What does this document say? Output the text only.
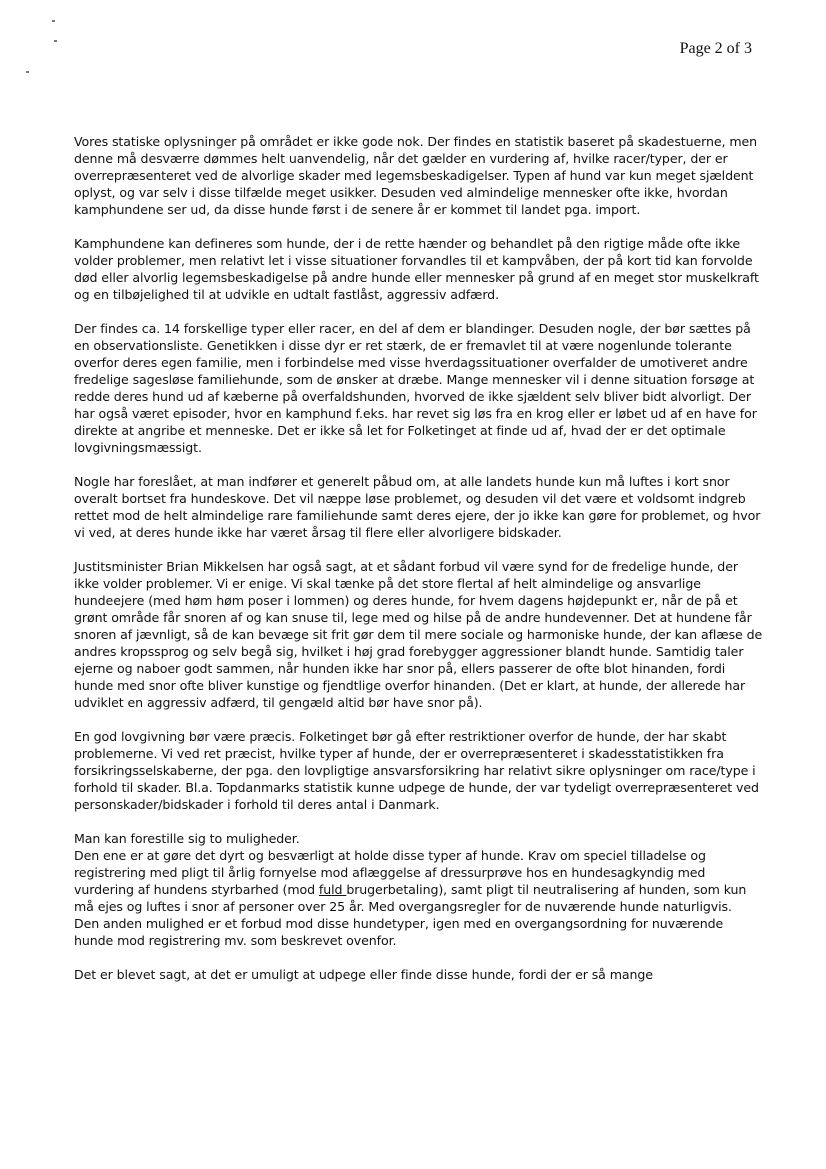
Page 2 of 3

Vores statiske oplysninger på området er ikke gode nok. Der findes en statistik baseret på skadestuerne, men denne må desværre dømmes helt uanvendelig, når det gælder en vurdering af, hvilke racer/typer, der er overrepræsenteret ved de alvorlige skader med legemsbeskadigelser. Typen af hund var kun meget sjældent oplyst, og var selv i disse tilfælde meget usikker. Desuden ved almindelige mennesker ofte ikke, hvordan kamphundene ser ud, da disse hunde først i de senere år er kommet til landet pga. import.

Kamphundene kan defineres som hunde, der i de rette hænder og behandlet på den rigtige måde ofte ikke volder problemer, men relativt let i visse situationer forvandles til et kampvåben, der på kort tid kan forvolde død eller alvorlig legemsbeskadigelse på andre hunde eller mennesker på grund af en meget stor muskelkraft og en tilbøjelighed til at udvikle en udtalt fastlåst, aggressiv adfærd.

Der findes ca. 14 forskellige typer eller racer, en del af dem er blandinger. Desuden nogle, der bør sættes på en observationsliste. Genetikken i disse dyr er ret stærk, de er fremavlet til at være nogenlunde tolerante overfor deres egen familie, men i forbindelse med visse hverdagssituationer overfalder de umotiveret andre fredelige sagesløse familiehunde, som de ønsker at dræbe. Mange mennesker vil i denne situation forsøge at redde deres hund ud af kæberne på overfaldshunden, hvorved de ikke sjældent selv bliver bidt alvorligt. Der har også været episoder, hvor en kamphund f.eks. har revet sig løs fra en krog eller er løbet ud af en have for direkte at angribe et menneske. Det er ikke så let for Folketinget at finde ud af, hvad der er det optimale lovgivningsmæssigt.

Nogle har foreslået, at man indfører et generelt påbud om, at alle landets hunde kun må luftes i kort snor overalt bortset fra hundeskove. Det vil næppe løse problemet, og desuden vil det være et voldsomt indgreb rettet mod de helt almindelige rare familiehunde samt deres ejere, der jo ikke kan gøre for problemet, og hvor vi ved, at deres hunde ikke har været årsag til flere eller alvorligere bidskader.

Justitsminister Brian Mikkelsen har også sagt, at et sådant forbud vil være synd for de fredelige hunde, der ikke volder problemer. Vi er enige. Vi skal tænke på det store flertal af helt almindelige og ansvarlige hundeejere (med høm høm poser i lommen) og deres hunde, for hvem dagens højdepunkt er, når de på et grønt område får snoren af og kan snuse til, lege med og hilse på de andre hundevenner. Det at hundene får snoren af jævnligt, så de kan bevæge sit frit gør dem til mere sociale og harmoniske hunde, der kan aflæse de andres kropssprog og selv begå sig, hvilket i høj grad forebygger aggressioner blandt hunde. Samtidig taler ejerne og naboer godt sammen, når hunden ikke har snor på, ellers passerer de ofte blot hinanden, fordi hunde med snor ofte bliver kunstige og fjendtlige overfor hinanden. (Det er klart, at hunde, der allerede har udviklet en aggressiv adfærd, til gengæld altid bør have snor på).

En god lovgivning bør være præcis. Folketinget bør gå efter restriktioner overfor de hunde, der har skabt problemerne. Vi ved ret præcist, hvilke typer af hunde, der er overrepræsenteret i skadesstatistikken fra forsikringsselskaberne, der pga. den lovpligtige ansvarsforsikring har relativt sikre oplysninger om race/type i forhold til skader. Bl.a. Topdanmarks statistik kunne udpege de hunde, der var tydeligt overrepræsenteret ved personskader/bidskader i forhold til deres antal i Danmark.

Man kan forestille sig to muligheder.

Den ene er at gøre det dyrt og besværligt at holde disse typer af hunde. Krav om speciel tilladelse og registrering med pligt til årlig fornyelse mod aflæggelse af dressurprøve hos en hundesagkyndig med vurdering af hundens styrbarhed (mod fuld brugerbetaling), samt pligt til neutralisering af hunden, som kun må ejes og luftes i snor af personer over 25 år. Med overgangsregler for de nuværende hunde naturligvis.

Den anden mulighed er et forbud mod disse hundetyper, igen med en overgangsordning for nuværende hunde mod registrering mv. som beskrevet ovenfor.

Det er blevet sagt, at det er umuligt at udpege eller finde disse hunde, fordi der er så mange
